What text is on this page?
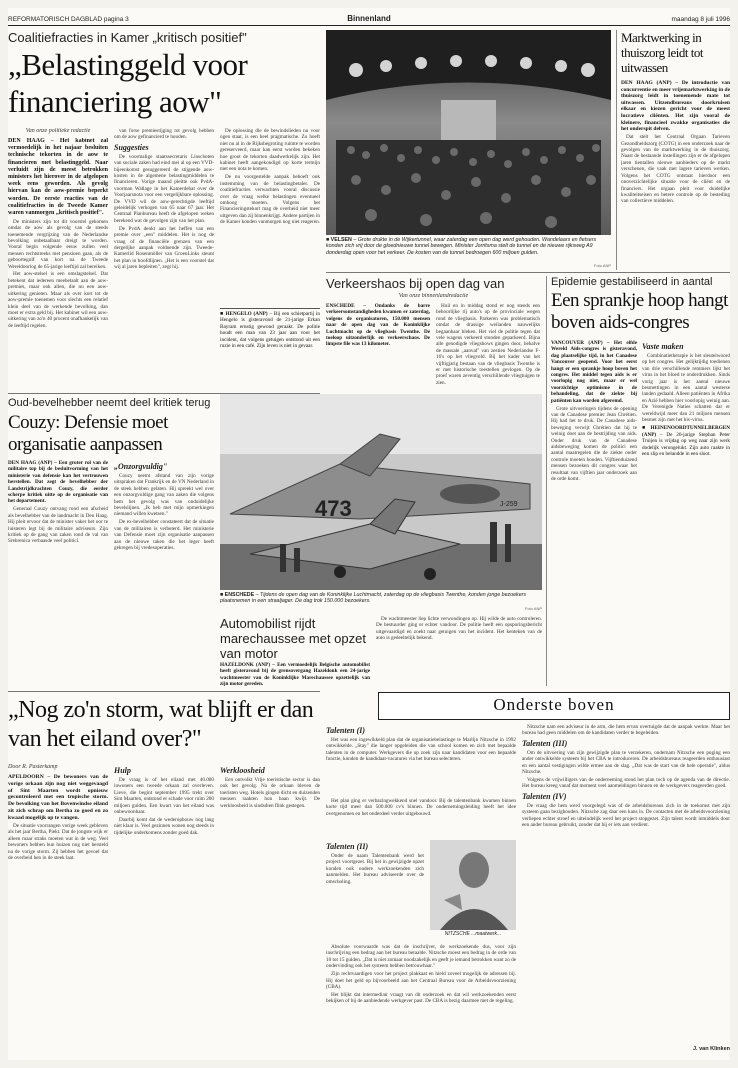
REFORMATORISCH DAGBLAD pagina 3	Binnenland	maandag 8 juli 1996
Coalitiefracties in Kamer „kritisch positief"
„Belastinggeld voor financiering aow"
Van onze politieke redactie

DEN HAAG – Het kabinet zal vermoedelijk in het najaar besluiten technische tekorten in de aow te financieren met belastinggeld. Naar verluidt zijn de meest betrokken ministers het hierover in de afgelopen week eens geworden. Als gevolg hiervan kan de aow-premie beperkt worden. De eerste reacties van de coalitiefracties in de Tweede Kamer waren vanmorgen „kritisch positief".

De ministers zijn tot dit voorstel gekomen omdat de aow als gevolg van de steeds toenemende vergrijzing van de Nederlandse bevolking onbetaalbaar dreigt te worden. Vooral begin volgende eeuw zullen veel mensen rechtstreeks met pensioen gaan, als de geboortegolf van kort na de Tweede Wereldoorlog de 65-jarige leeftijd zal bereiken.

Het aow-stelsel is een omslagstelsel. Dat betekent dat iedereen meebetaalt aan de aow-premies, maar ook allen, die nu een aow-uitkering genieten. Maar als over kort tot de aow-premie toenemen voor slechts een relatief klein deel van de werkende bevolking, dan moet er extra geld bij. Het kabinet wil een aow-uitkering van zo'n 40 procent onafhankelijk van de leeftijd regelen.

van forse premiestijging tot gevolg hebben om de aow gefinancierd te houden.

Suggesties

De voormalige staatssecretaris Linschoten van sociale zaken had eind mei al op een VVD-bijeenkomst gesuggereerd de stijgende aow-kosten in de algemene belastingmiddelen te financieren. Vorige maand pleitte ook PvdA-voorman Wallage in het Kamerdebat over de Voorjaarsnota voor een vergelijkbare oplossing. De VVD wil de aow-gerechtigde leeftijd geleidelijk verhogen van 65 naar 67 jaar. Het Centraal Planbureau heeft de afgelopen weken berekend wat de gevolgen zijn van het plan.

De PvdA denkt aan het heffen van een premie over „een" middelen. Het is nog de vraag of de financiële grenzen van een dergelijke aanpak voldoende zijn. Tweede-Kamerlid Rosenmöller van GroenLinks steunt het plan in hoofdlijnen. „Het is een voorstel dat wij al jaren bepleiten", zegt hij.

De oplossing die de bewindslieden nu voor ogen staat, is een heel pragmatische. Zo hoeft niet nu al in de Rijksbegroting ruimte te worden gereserveerd, maar kan eerst worden bekeken hoe groot de tekorten daadwerkelijk zijn. Het kabinet heeft aangekondigd op korte termijn met een nota te komen.

De nu voorgestelde aanpak behoeft ook instemming van de belastingbetaler. De coalitiefracties verwachten vooral discussie over de vraag welke belastingen eventueel omhoog moeten. Volgens het Financieringstekort mag de overheid niet meer uitgeven dan zij binnenkrijgt. Andere partijen in de Kamer konden vanmorgen nog niet reageren.

■ HENGELO (ANP) – Bij een schietpartij in Hengelo is gisteravond de 21-jarige Erkan Bayram ernstig gewond geraakt. De politie houdt een man van 23 jaar aan voor het incident, dat volgens getuigen ontstond uit een ruzie in een café. Zijn leven is niet in gevaar.

■ VELSEN – Grote drukte in de Wijkertunnel, waar zaterdag een open dag werd gehouden. Wandelaars en fietsers konden zich vrij door de gloednieuwe tunnel bewegen. Minister Jorritsma stelt de tunnel en de nieuwe rijksweg A9 donderdag open voor het verkeer. De kosten van de tunnel bedroegen 600 miljoen gulden.
Foto ANP
Marktwerking in thuiszorg leidt tot uitwassen

DEN HAAG (ANP) – De introductie van concurrentie en meer vrijemarktwerking in de thuiszorg leidt in toenemende mate tot uitwassen. Uitzendbureaus doorkruisen elkaar en kiezen gericht voor de meest lucratieve cliënten. Het zijn vooral de kleinere, financieel zwakke organisaties die het onderspit delven.

Dat stelt het Centraal Orgaan Tarieven Gezondheidszorg (COTG) in een onderzoek naar de gevolgen van de marktwerking in de thuiszorg. Naast de bestaande instellingen zijn er de afgelopen jaren tientallen nieuwe aanbieders op de markt verschenen, die vaak met lagere tarieven werken. Volgens het COTG ontstaat hierdoor een onoverzichtelijke situatie voor de cliënt en de financiers. Het orgaan pleit voor duidelijke kwaliteitseisen en betere controle op de besteding van collectieve middelen.

Verkeershaos bij open dag van
Van onze binnenlandredactie

ENSCHEDE – Ondanks de barre verkeersomstandigheden kwamen er zaterdag, volgens de organisatoren, 150.000 mensen naar de open dag van de Koninklijke Luchtmacht op de vliegbasis Twenthe. De toeloop uitzonderlijk en verkeerschaos. De limpste file was 13 kilometer.

Huil en in middag stond er nog steeds een behoorlijke rij auto's op de provinciale wegen rond de vliegbasis. Parkeren was problematisch omdat de drassige weilanden nauwelijks begaanbaar bleken. Het viel de politie tegen dat vele wagens verkeerd stonden geparkeerd. Bijna alle genodigde vliegshows gingen door, behalve de massale „aanval" van zestien Nederlandse F-16's op het vliegveld. Bij het kader van het vijftigjarig bestaan van de vliegbasis Twenthe is er met historische toestellen gevlogen. Op de proef waren zeventig verschillende vliegtuigen te zien.

Epidemie gestabiliseerd in aantal
Een sprankje hoop hangt boven aids-congres

VANCOUVER (ANP) – Het elfde Wereld Aids-congres is gisteravond, dag plaatselijke tijd, in het Canadese Vancouver geopend. Voor het eerst hangt er een sprankje hoop boven het congres. Het middel tegen aids is er voorlopig nog niet, maar er wel voorzichtige optimisme in de behandeling, dat de ziekte bij patiënten kan worden afgeremd.

Grote uitvoeringen tijdens de opening van de Canadese premier Jean Chrétien. Hij had het te druk. De Canadese aids-beweging verwijt Chrétien dat hij te weinig doet aan de bestrijding van aids. Onder druk van de Canadese aidsbeweging komen de politici een aantal maatregelen die de ziekte onder controle moeten houden. Vijftienduizend mensen bezoeken dit congres waar het resultaat van vijftien jaar onderzoek aan de orde komt.

Vaste maken

Combinatietherapie is het sleutelwoord op het congres. Het gelijktijdig toedienen van drie verschillende remmers lijkt het virus in het bloed te onderdrukken. Sinds vorig jaar is het aantal nieuwe besmettingen in een aantal westerse landen gedaald. Alleen patiënten in Afrika en Azië hebben hier voorlopig weinig aan. De Verenigde Naties schatten dat er wereldwijd meer dan 21 miljoen mensen besmet zijn met het hiv-virus.

■ HEINENOORDTUNNELBERGEN (ANP) – De 26-jarige Stephan Peter Truijen is vrijdag op weg naar zijn werk dodelijk verongelukt. Zijn auto raakte in een slip en belandde in een sloot.

Oud-bevelhebber neemt deel kritiek terug
Couzy: Defensie moet organisatie aanpassen

DEN HAAG (ANP) – Een groter rol van de militaire top bij de besluitvorming van het ministerie van defensie kan het vertrouwen herstellen. Dat zegt de bevelhebber der Landstrijdkrachten Couzy, die eerder scherpe kritiek uitte op de organisatie van het departement.

Generaal Couzy ontvang rond een afscheid als bevelhebber van de landmacht in Den Haag. Hij pleit ervoor dat de minister vaker het oor te luisteren legt bij de militaire adviseurs. Zijn kritiek op de gang van zaken rond de val van Srebrenica verbaasde veel politici.

„Onzorgvuldig"

Couzy neemt afstand van zijn vorige uitspraken dat Frankrijk en de VN Nederland in de steek hebben gelaten. Hij spreekt wel over een onzorgvuldige gang van zaken die volgens hem het gevolg was van onduidelijke bevelslijnen. „Ik heb met mijn opmerkingen niemand willen kwetsen."

De ex-bevelhebber constateert dat de situatie van de militairen is verbeterd. Het ministerie van Defensie moet zijn organisatie aanpassen aan de nieuwe taken die het leger heeft gekregen bij vredesoperaties.

473	J-259
■ ENSCHEDE – Tijdens de open dag van de Koninklijke Luchtmacht, zaterdag op de vliegbasis Twenthe, konden jonge bezoekers plaatsnemen in een straaljager. De dag trok 150.000 bezoekers.
Foto ANP
Automobilist rijdt marechaussee met opzet van motor

HAZELDONK (ANP) – Een vermoedelijk Belgische automobilist heeft gisteravond bij de grensovergang Hazeldonk een 24-jarige wachtmeester van de Koninklijke Marechaussee opzettelijk van zijn motor gereden.

De wachtmeester liep lichte verwondingen op. Hij wilde de auto controleren. De bestuurder ging er echter vandoor. De politie heeft een opsporingsbericht uitgevaardigd en zoekt naar getuigen van het incident. Het kenteken van de auto is gedeeltelijk bekend.

„Nog zo'n storm, wat blijft er dan van het eiland over?"
Door R. Pasterkamp

APELDOORN – De bewoners van de vorige orkaan zijn nog niet weggevaagd of Sint Maarten wordt opnieuw gecontroleerd met een tropische storm. De bevolking van het Bovenwindse eiland zit zich schrap om Bertha zo goed en zo kwaad mogelijk op te vangen.

De situatie voorrangen vorige week gebleven als het jaar Bertha, Piekt. Dat de jongste wijk er alleen maar straks moeten wat in de weg. Veel bewoners hebben hun huizen nog niet hersteld na de vorige storm. Zij hebben het gevoel dat de overheid hen in de steek laat.

Hulp

De vraag is of het eiland met 40.000 inwoners een tweede orkaan zal overleven. Lieve, die begint september 1995 trekt over Sint Maarten, ontstond er schade voor ruim 200 miljoen gulden. Een kwart van het eiland was onbewoonbaar.

Daarbij komt dat de wederopbouw nog lang niet klaar is. Veel gezinnen wonen nog steeds in tijdelijke onderkomens zonder goed dak.

Werkloosheid

Een ontvolkt Vrije toeristische sector is dan ook het gevolg. Na de orkaan bleven de toeristen weg. Hotels gingen dicht en duizenden mensen raakten hun baan kwijt. De werkloosheid is sindsdien flink gestegen.

Onderste boven
Talenten (I)

Het was een ingewikkeld plan dat de organisatiebelastinge te Marlijn Nitzsche in 1992 ontwikkelde. „Stay" die langer opgeleiden die van school komen en zich met bepaalde talenten in de computer. Werkgevers die op zoek zijn naar kandidaten voor een bepaalde functie, konden de kandidaat-vacatures via het bureau selecteren.

Het plan ging er verbazingwekkend snel vandoor. Bij de talentenbank kwamen binnen korte tijd meer dan 500.000 cv's binnen. De ondernemingsleiding heeft het idee overgenomen en het onderdeel verder uitgebouwd.

Talenten (II)

Onder de naam Talentenbank werd het project voortgezet. Bij het in gewijzigde opzet konden ook oudere werkzoekenden zich aanmelden. Het bureau adviseerde over de omscholing.

NITZSCHE ...maatwerk...

Absolute voorwaarde was dat de inschrijver, de werkzoekende dus, voor zijn inschrijving een bedrag aan het bureau betaalde. Nitzsche moest een bedrag in de orde van 10 tot 15 gulden. „Dat is niet zomaar noodzakelijk en geeft je iemand betrokken want zo de ondervinding ook het systeem hebben betrouwbaar."

Zijn rechtvaardigen voor het project plakkaat en hield zoveel mogelijk de adressen bij. Hij doet het geld op bijvoorbeeld aan het Centraal Bureau voor de Arbeidsvoorziening (CBA).

Het blijkt dat intermediair vraagt van dit onderzoek en dat wil werkzoekenden eerst bekijken of bij de aanbiedende werkgever past. De CBA is bezig daarmee met de regeling.

Nitzsche nam een adviseur in de arm, die hem ervan overtuigde dat de aanpak werkte. Maar het bureau had geen middelen om de kandidaten verder te begeleiden.

Talenten (III)

Om de uitvoering van zijn gewijzigde plan te verzekeren, ondernam Nitzsche een poging een ander ontwikkelde systeem bij het CBA te introduceren. De arbeidsbureaus reageerden enthousiast en een aantal vestigingen wilde ermee aan de slag. „Dat was de start van de hele operatie", aldus Nitzsche.

Volgens de vrijwilligers van de onderneming stond het plan toch op de agenda van de directie. Het bureau kreeg vanaf dat moment veel aanmeldingen binnen en de werkgevers reageerden goed.

Talenten (IV)

De vraag die hem werd voorgelegd was of de arbeidsbureaus zich in de toekomst met zijn systeem gaan bezighouden. Nitzsche zag daar een kans in. De contacten met de arbeidsvoorziening verliepen echter stroef en uiteindelijk werd het project stopgezet. Zijn talent wordt inmiddels door een ander bureau gebruikt, zonder dat hij er iets aan verdient.

J. van Klinken
